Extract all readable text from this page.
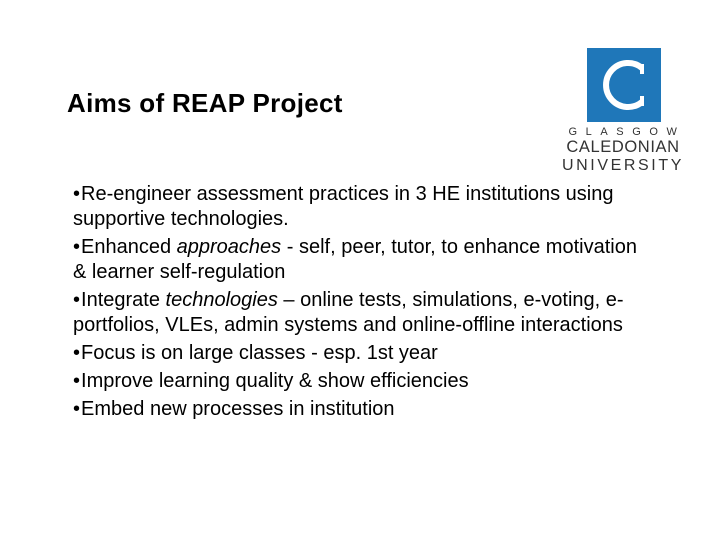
Aims of REAP Project
GLASGOW
CALEDONIAN
UNIVERSITY
•Re-engineer assessment practices in 3 HE institutions using supportive technologies.
•Enhanced approaches - self, peer, tutor, to enhance motivation & learner self-regulation
•Integrate technologies – online tests, simulations, e-voting, e-portfolios, VLEs, admin systems and online-offline interactions
•Focus is on large classes - esp. 1st year
•Improve learning quality & show efficiencies
•Embed new processes in institution
